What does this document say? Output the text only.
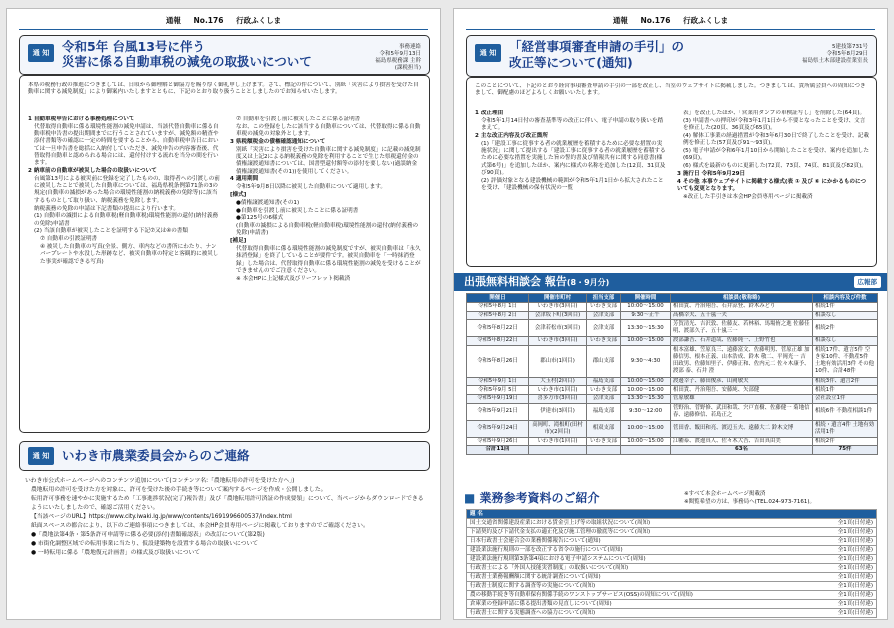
通報 No.176 行政ふくしま
通 知	令和5年 台風13号に伴う
災害に係る自動車税の減免の取扱いについて
事務連絡
令和5年9月13日
福島県税務課 主幹
(課税担当)
本県の税務行政の推進につきましては、日頃から御理解と御協力を賜り厚く御礼申し上げます。さて、標記の件について、別紙「災害により損害を受けた自動車に関する減免制度」により御案内いたしますとともに、下記のとおり取り扱うこととしましたのでお知らせいたします。

1 自動車税申告における事務処理について

代替取得自動車に係る環境性能割の減免申請は、当該代替自動車に係る自動車税申告書の提出期間までに行うことされていますが、減免額の精査や添付書類等の確認に一定の時間を要することから、自動車税申告日においては一旦申告書を総括に入納付していただき、減免申告の内容審査後、代替取得自動車と認められる場合には、還付付けする流れを当分の間を行います。

2 納車前の自動車が被災した場合の取扱いについて

台風第13号による被災前に登録を完了したものの、取得者への引渡しの前に被災したことで被災した自動車については、福島県税条例第71条の3の規定(自動車の滅損があった場合の環境性能割の納税義務の免除等)に該当するものとして取り扱い、納税義務を免除します。

納税義務の免除の申請は下記書類の提出により行います。

(1) 自動車の滅損による自動車税(軽自動車税)環境性能割の還付(納付義務の免除)申請書

(2) 当該自動車が被災したことを証明する下記⑦又は④の書類

⑦ 自動車の引渡証明書

④ 被災した自動車の写真(全景、側方、車内などの書所にわたり、ナンバープレートや水没した形跡など、被災自動車の特定と客観的に被災した事実が確認できる写真)

⑦ 自動車を引渡し前に被災したことに係る証明書

なお、この登録をしたに該当する自動車については、代替取得に係る自動車税の減免の対象外とします。

3 県税額税金の債権確認通知について

別紙「災害により損害を受けた自動車に関する減免制度」に記載の減免制度又は上記2による納税義務の免除を利用することで生じた県税還付金の債権譲渡通知書については、国書型還付額等の添付を要しない(過誤納金債権譲渡通知書(その1))を使用してください。

4 適用期間

令和5年9月8日以降に被災した自動車について適用します。

[様式]

●債権譲渡通知書(その1)

●自動車を引渡し前に被災したことに係る証明書

●第125号の6様式

(自動車の滅損による自動車税(軽自動車税)環境性能割の還付(納付義務の免除)申請書)

[補足]

代替取得自動車に係る環境性能割の減免制度ですが、被災自動車は「永久抹消登録」を終了していることが要件です。被災自動車を「一時抹消登録」した場合は、代替取得自動車に係る環境性能割の減免を受けることができませんのでご注意ください。

※ 本会HPに上記様式及びリーフレット掲載済

通 知	いわき市農業委員会からのご連絡

いわき市公式ホームページへのコンテンツ追加について(コンテンツ名:「農地転用の許可を受けた方へ」)

農地転用の許可を受けた方を対象に、許可を受けた後の手続き等について案内するページを作成・公開しました。

転用許可事務を速やかに実施するため「工事進捗状況(完了)報告書」及び「農地転用許可済証の作成要領」について、当ページからダウンロードできるようにいたしましたので、確認ご活用ください。

【当該ページのURL】https://www.city.iwaki.lg.jp/www/contents/1691996600537/index.html

紙面スペースの都合により、以下のご連絡事項につきましては、本会HP会員専用ページに掲載しておりますのでご確認ください。

●「農地法第4条・第5条許可申請等に係る必要(添付)書類確認表」の改訂について(第2版)

● 市街化調整区域での転用事業に当たり、仮設建築物を設置する場合の取扱いについて

● 一時転用に係る「農地復元計画書」の様式及び取扱いについて

通報 No.176 行政ふくしま
通 知	「経営事項審査申請の手引」の
改正等について(通知)
5建技第731号
令和5年8月29日
福島県土木部建設産業室長
このことについて、下記のとおり経営事項審査申請の手引の一部を改正し、当室のウェブサイトに掲載しました。つきましては、貴所属会員への周知につきまして、御配慮のほどよろしくお願いいたします。

1 改正理由

令和5年1月14日付の審査基準等の改正に伴い、電子申請の取り扱いを踏まえて。

2 主な改正内容及び改正箇所

(1)「建設工事に従事する者の就業履歴を蓄積するために必要な措置の実施状況」に関して提出する「建設工事に従事する者の就業履歴を蓄積するために必要な措置を実施した旨の誓約書及び情報共有に関する同意書(様式第6号)」を追加したほか、案内に様式の名称を追加した(12頁、31頁及び90頁)。

(2) 評価対象となる建設機械の範囲が令和5年1月1日から拡大されたことを受け、「建設機械の保有状況の一覧

表」を改正したほか、「営業用ダンプの車検証写し」を削除した(64頁)。

(3) 申請書への押印が令和3年1月1日から不要となったことを受け、文言を修正した(20頁、36頁及び65頁)。

(4) 解体工事業の経過措置が令和3年6月30日で終了したことを受け、記載例を修正した(57頁及び91〜93頁)。

(5) 電子申請が令和6年1月10日から開始したことを受け、案内を追加した(69頁)。

(6) 様式を最新のものに更新した(72頁、73頁、74頁、81頁及び82頁)。

3 施行日 令和5年9月29日

4 その他 本事ウェブサイトに掲載する様式(表 ① 及び ⑥ にかかるものについても変更となります。

※改正した手引きは本会HP会員専用ページに掲載済

出張無料相談会 報告(8・9月分)	広報部
開催日	開催市町村	担当支部	開催時間	相談員(敬称略)	相談内容及び件数
令和5年8月 1日	いわき市(3回目)	いわき支部	10:00〜15:00	相田貴、丹治翔吾、石井涼登、鈴木みどり	相続1件
令和5年8月 2日	会津坂下町(3回目)	会津支部	9:30〜正午	高橋幸夫、五十嵐一夫	相談なし
令和5年8月22日	会津若松市(3回目)	会津支部	13:30〜15:30	芳賀清光、吉沢敦、佐藤友、若林裕、馬場侑之進 佐藤佳明、渡部久子、五十嵐三一	相続2件
令和5年8月22日	いわき市(3回目)	いわき支部	10:00〜15:00	渡部謙吾、石井道哉、佐藤純一、上野竹也	相談なし
令和5年8月26日	郡山市(1回目)	郡山支部	9:30〜4:30	根本富雄、笠原良三、遠藤富文、佐藤明男、菅原正雄 加藤信男、根本正義、山本浩成、鈴木 敬二、平岡光一 吉田政男、佐藤知里子、伊藤正和、佐内元二 佐々木康予、渡部 泰、石井 澄	相続17件、遺言5件 空き家10件、不動産5件 土地有効活用3件 その他10件、合計48件
令和5年9月 1日	大玉村(2回目)	福島支部	10:00〜15:00	渡邊幸子、藤田俊彦、山岡敏夫	相続3件、遺言2件
令和5年9月 5日	いわき市(1回目)	いわき支部	10:00〜15:00	相田貴、丹治翔吾、安藤純、矢部健	相続1件
令和5年9月19日	喜多方市(3回目)	会津支部	13:30〜15:30	菅原敏雄	会社設立1件
令和5年9月21日	伊達市(3回目)	福島支部	9:30〜12:00	菅野治、菅野修、武田和哉、宍戸直樹、佐藤健一 菊地信春、遠藤修信、若島正之	相続6件 不動産相談1件
令和5年9月24日	高岡町、滝根町(田村市)(2回目)	相双支部	10:00〜15:00	菅田香、飯田和亮、渡辺玉夫、遠藤大二 鈴木文博	相続・遺言4件 土地有効活用1件
令和5年9月26日	いわき市(1回目)	いわき支部	10:00〜15:00	江幡泰、渡邊真人、佐々木大吾、吉田真由美	相続2件
合計11回				63名	75件
■ 業務参考資料のご紹介	※すべて本会ホームページ掲載済
※閲覧希望の方は、事務局へ(TEL.024-973-7161)。
題 名	
国土交通省関係建設産業における賃金引上げ等の取組状況について(周知)	全1頁(日付違)
下請契約及び下請代金支払の適正化及び施工管理の徹底等について(周知)	全1頁(日付違)
日本行政書士会連合会の業務関係報告について(通知)	全1頁(日付違)
建設業法施行規則の一部を改正する省令の施行について(周知)	全1頁(日付違)
建設業法施行規則第3条第4項における電子申請システムについて(周知)	全1頁(日付違)
行政書士による「外国人技能実習制度」の取扱いについて(周知)	全1頁(日付違)
行政書士業務報酬額に関する統計調査について(周知)	全1頁(日付違)
行政書士制度に関する調査等の実施について(周知)	全1頁(日付違)
農の移動手続き等自動車保有関係手続のワンストップサービス(OSS)の周知について(周知)	全1頁(日付違)
倉庫業の登録申請に係る提出書類の見直しについて(周知)	全1頁(日付違)
行政書士に関する実態調査への協力について(周知)	全1頁(日付違)
